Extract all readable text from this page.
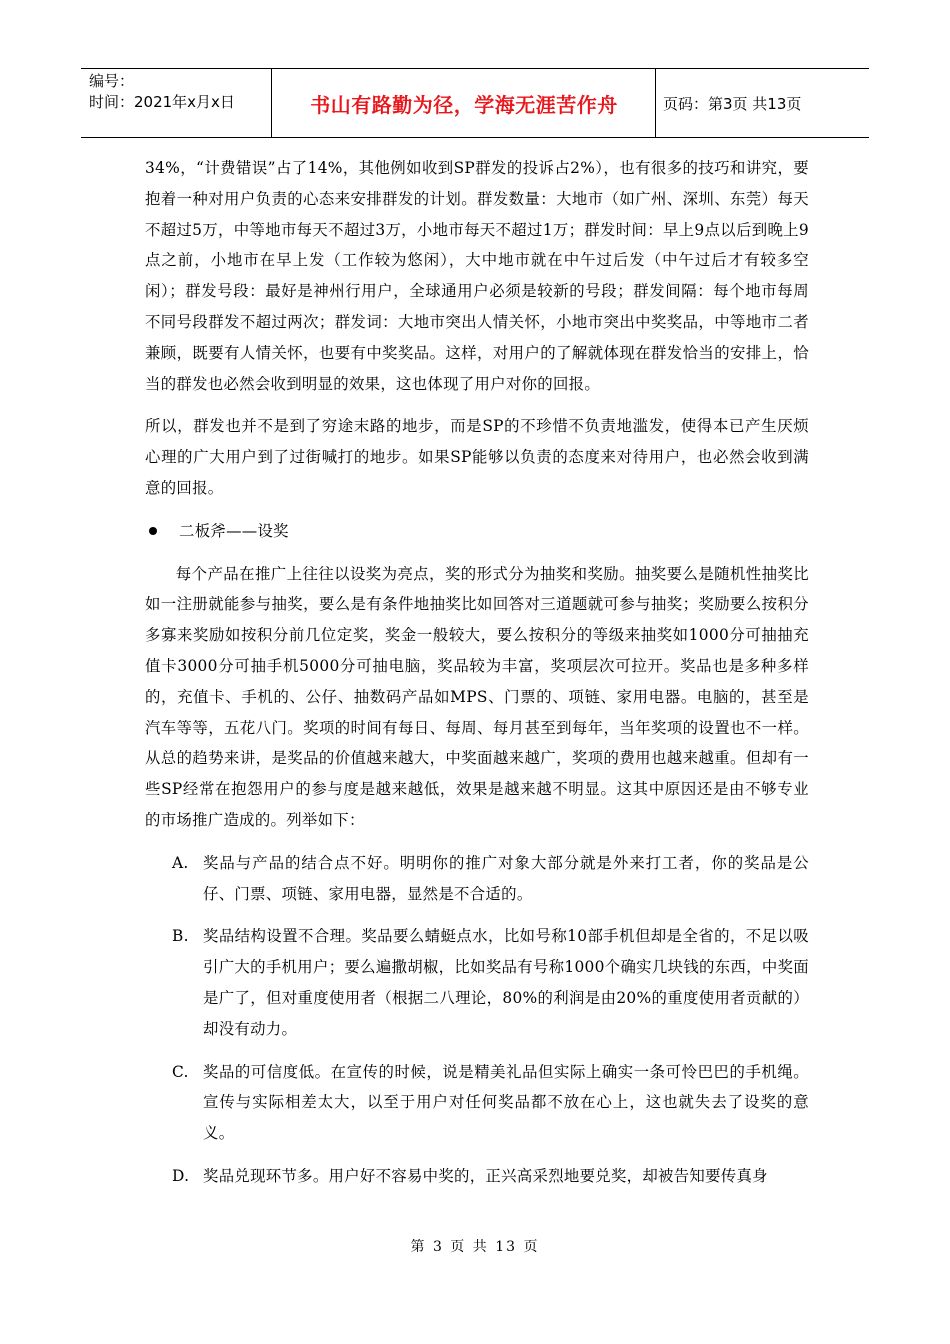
编号：
时间：2021年x月x日	书山有路勤为径，学海无涯苦作舟	页码：第3页 共13页

34%，“计费错误”占了14%，其他例如收到SP群发的投诉占2%），也有很多的技巧和讲究，要抱着一种对用户负责的心态来安排群发的计划。群发数量：大地市（如广州、深圳、东莞）每天不超过5万，中等地市每天不超过3万，小地市每天不超过1万；群发时间：早上9点以后到晚上9点之前，小地市在早上发（工作较为悠闲），大中地市就在中午过后发（中午过后才有较多空闲）；群发号段：最好是神州行用户，全球通用户必须是较新的号段；群发间隔：每个地市每周不同号段群发不超过两次；群发词：大地市突出人情关怀，小地市突出中奖奖品，中等地市二者兼顾，既要有人情关怀，也要有中奖奖品。这样，对用户的了解就体现在群发恰当的安排上，恰当的群发也必然会收到明显的效果，这也体现了用户对你的回报。

所以，群发也并不是到了穷途末路的地步，而是SP的不珍惜不负责地滥发，使得本已产生厌烦心理的广大用户到了过街喊打的地步。如果SP能够以负责的态度来对待用户，也必然会收到满意的回报。

二板斧——设奖

每个产品在推广上往往以设奖为亮点，奖的形式分为抽奖和奖励。抽奖要么是随机性抽奖比如一注册就能参与抽奖，要么是有条件地抽奖比如回答对三道题就可参与抽奖；奖励要么按积分多寡来奖励如按积分前几位定奖，奖金一般较大，要么按积分的等级来抽奖如1000分可抽抽充值卡3000分可抽手机5000分可抽电脑，奖品较为丰富，奖项层次可拉开。奖品也是多种多样的，充值卡、手机的、公仔、抽数码产品如MPS、门票的、项链、家用电器。电脑的，甚至是汽车等等，五花八门。奖项的时间有每日、每周、每月甚至到每年，当年奖项的设置也不一样。从总的趋势来讲，是奖品的价值越来越大，中奖面越来越广，奖项的费用也越来越重。但却有一些SP经常在抱怨用户的参与度是越来越低，效果是越来越不明显。这其中原因还是由不够专业的市场推广造成的。列举如下：

A. 奖品与产品的结合点不好。明明你的推广对象大部分就是外来打工者，你的奖品是公仔、门票、项链、家用电器，显然是不合适的。
B. 奖品结构设置不合理。奖品要么蜻蜓点水，比如号称10部手机但却是全省的，不足以吸引广大的手机用户；要么遍撒胡椒，比如奖品有号称1000个确实几块钱的东西，中奖面是广了，但对重度使用者（根据二八理论，80%的利润是由20%的重度使用者贡献的）却没有动力。
C. 奖品的可信度低。在宣传的时候，说是精美礼品但实际上确实一条可怜巴巴的手机绳。宣传与实际相差太大，以至于用户对任何奖品都不放在心上，这也就失去了设奖的意义。
D. 奖品兑现环节多。用户好不容易中奖的，正兴高采烈地要兑奖，却被告知要传真身
第 3 页 共 13 页
